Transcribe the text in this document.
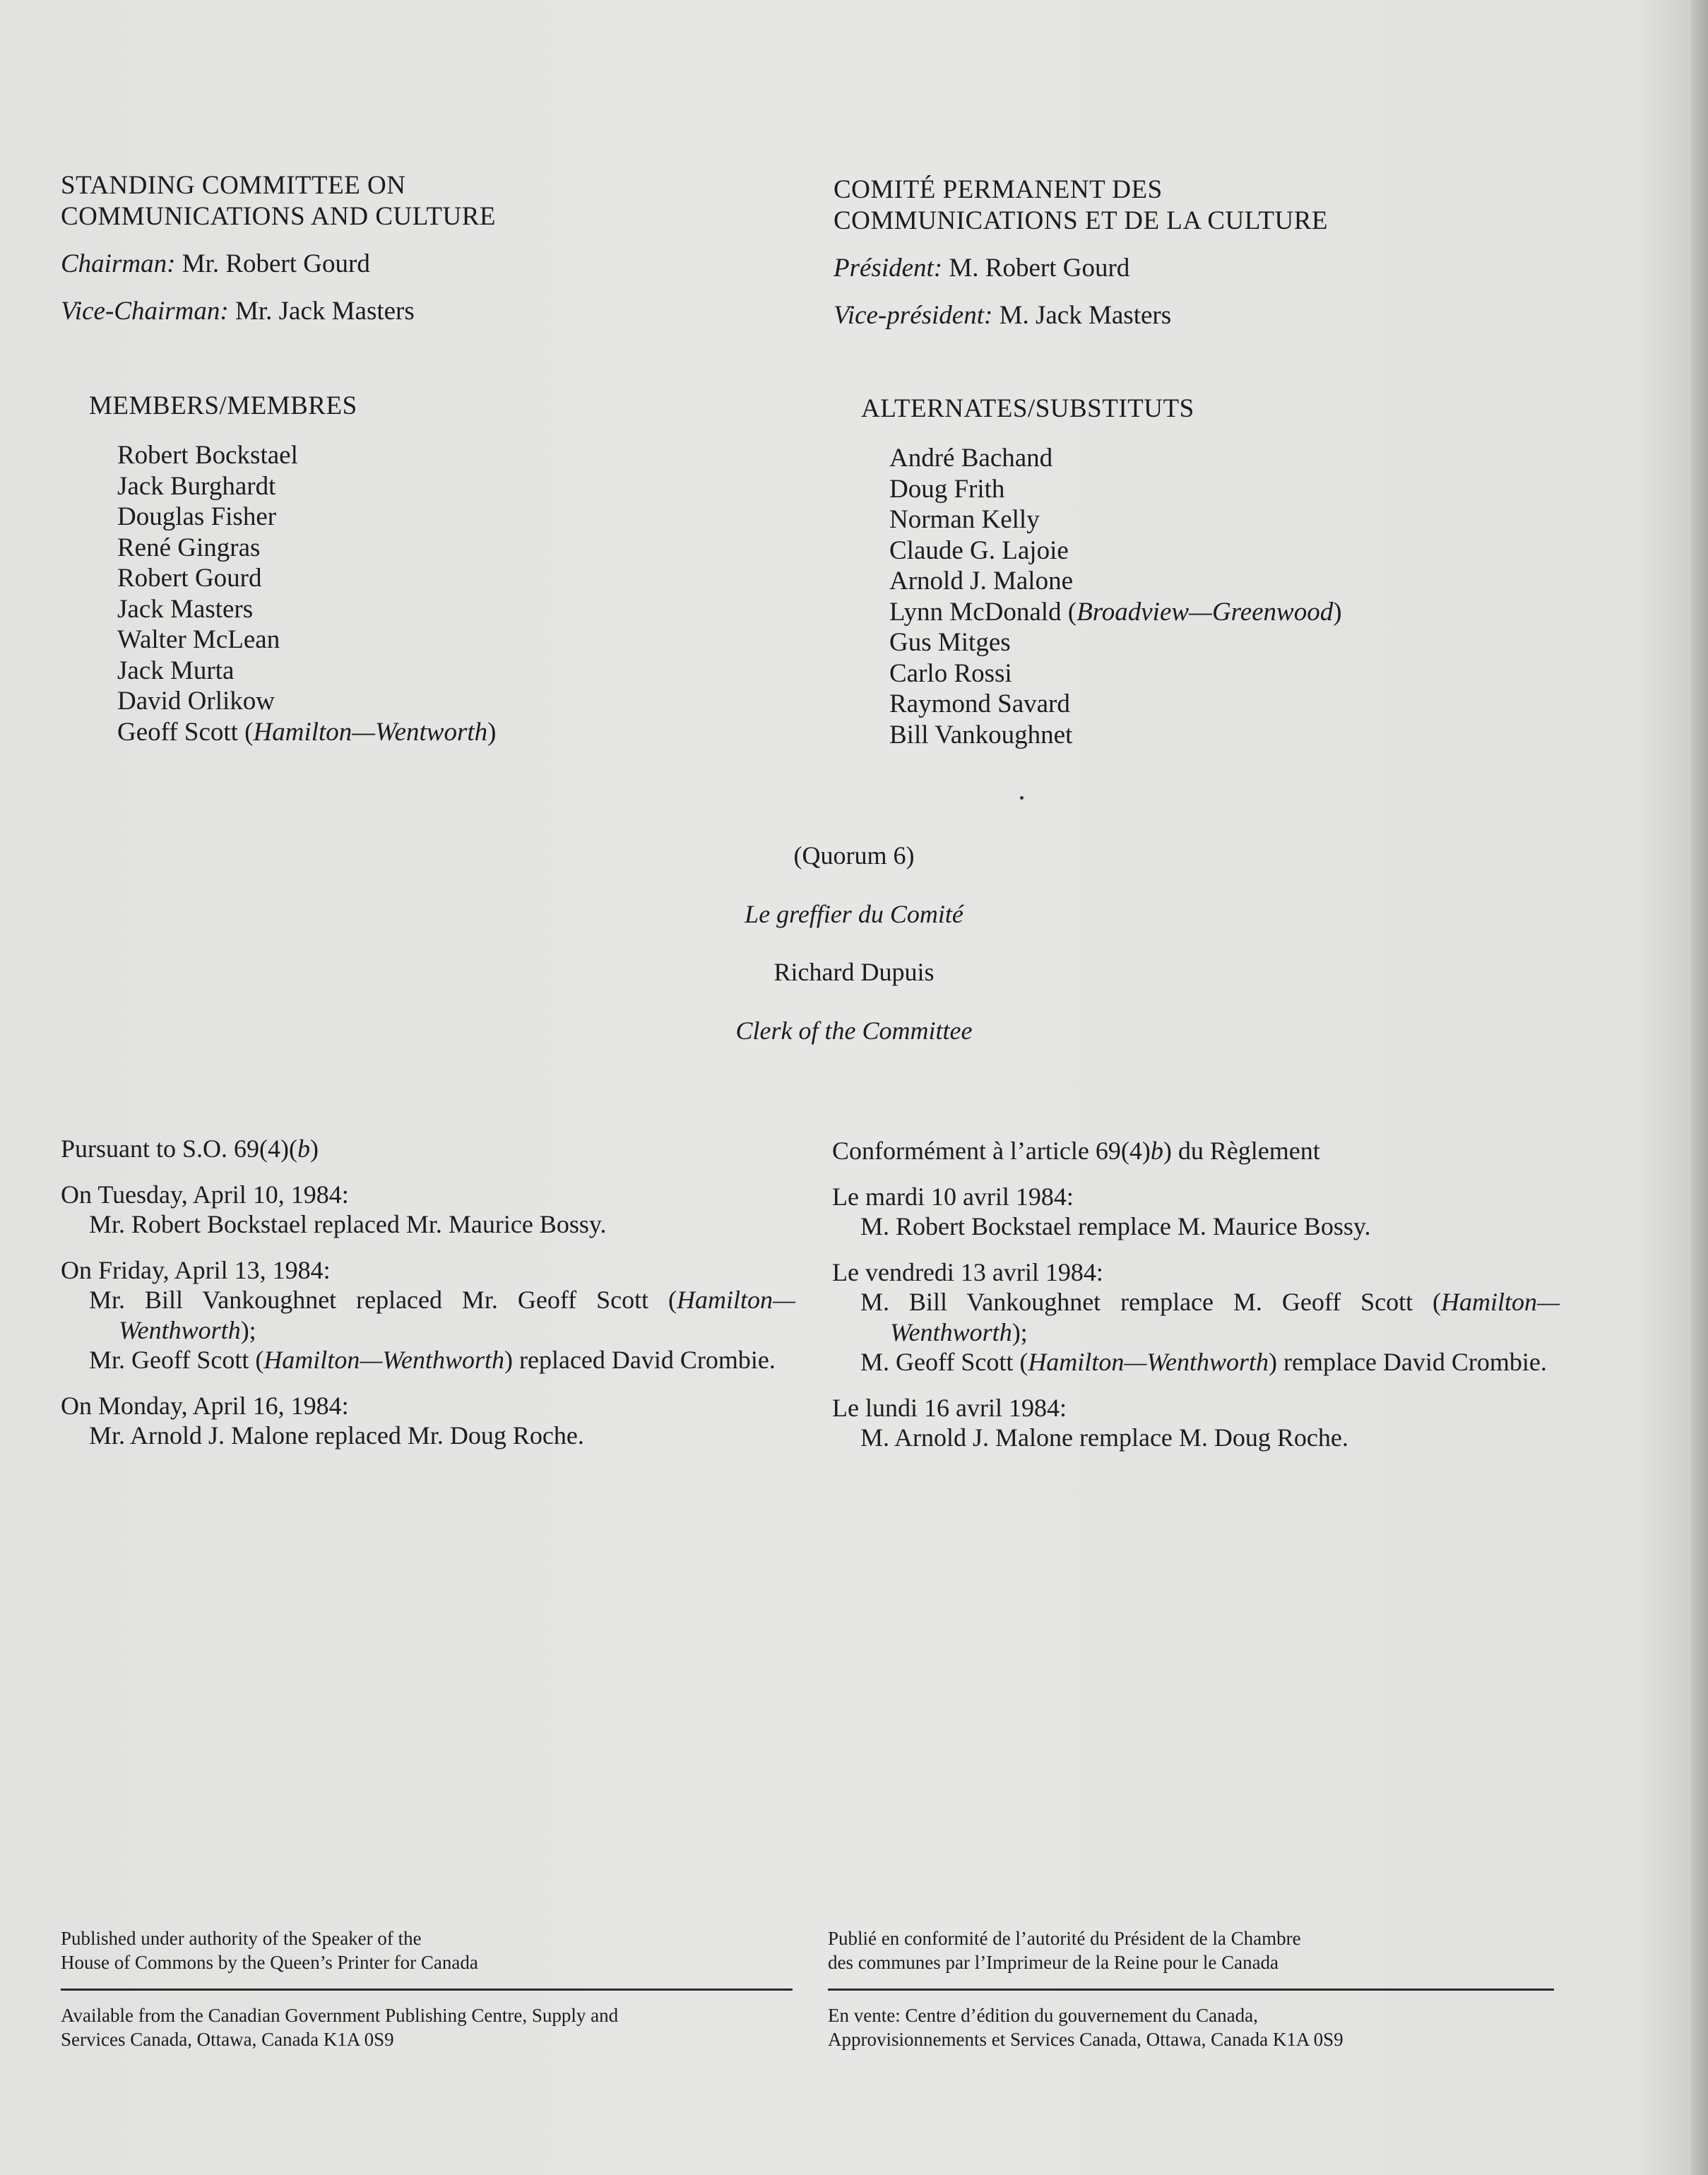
STANDING COMMITTEE ON
COMMUNICATIONS AND CULTURE
Chairman: Mr. Robert Gourd
Vice-Chairman: Mr. Jack Masters
COMITÉ PERMANENT DES
COMMUNICATIONS ET DE LA CULTURE
Président: M. Robert Gourd
Vice-président: M. Jack Masters
MEMBERS/MEMBRES
Robert Bockstael
Jack Burghardt
Douglas Fisher
René Gingras
Robert Gourd
Jack Masters
Walter McLean
Jack Murta
David Orlikow
Geoff Scott (Hamilton—Wentworth)
ALTERNATES/SUBSTITUTS
André Bachand
Doug Frith
Norman Kelly
Claude G. Lajoie
Arnold J. Malone
Lynn McDonald (Broadview—Greenwood)
Gus Mitges
Carlo Rossi
Raymond Savard
Bill Vankoughnet
(Quorum 6)
Le greffier du Comité
Richard Dupuis
Clerk of the Committee
Pursuant to S.O. 69(4)(b)
On Tuesday, April 10, 1984:
Mr. Robert Bockstael replaced Mr. Maurice Bossy.
On Friday, April 13, 1984:
Mr. Bill Vankoughnet replaced Mr. Geoff Scott (Hamilton—Wenthworth);
Mr. Geoff Scott (Hamilton—Wenthworth) replaced David Crombie.
On Monday, April 16, 1984:
Mr. Arnold J. Malone replaced Mr. Doug Roche.
Conformément à l’article 69(4)b) du Règlement
Le mardi 10 avril 1984:
M. Robert Bockstael remplace M. Maurice Bossy.
Le vendredi 13 avril 1984:
M. Bill Vankoughnet remplace M. Geoff Scott (Hamilton—Wenthworth);
M. Geoff Scott (Hamilton—Wenthworth) remplace David Crombie.
Le lundi 16 avril 1984:
M. Arnold J. Malone remplace M. Doug Roche.
Published under authority of the Speaker of the
House of Commons by the Queen’s Printer for Canada
Available from the Canadian Government Publishing Centre, Supply and
Services Canada, Ottawa, Canada K1A 0S9
Publié en conformité de l’autorité du Président de la Chambre
des communes par l’Imprimeur de la Reine pour le Canada
En vente: Centre d’édition du gouvernement du Canada,
Approvisionnements et Services Canada, Ottawa, Canada K1A 0S9
